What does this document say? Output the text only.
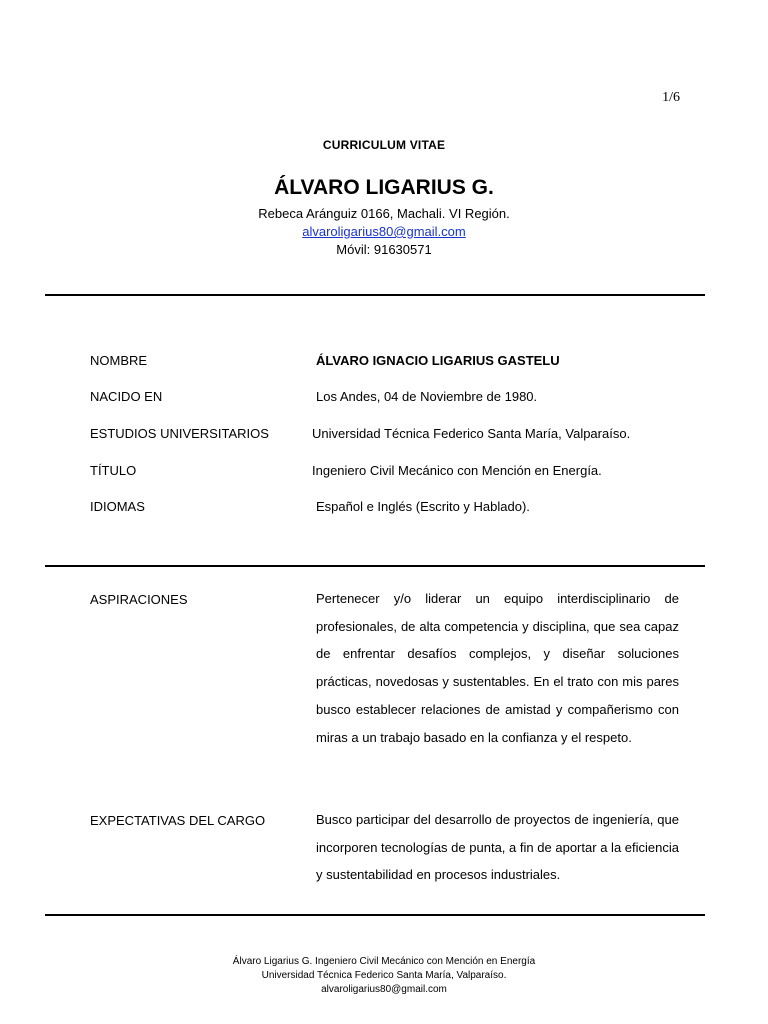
1/6
CURRICULUM VITAE
ÁLVARO LIGARIUS G.
Rebeca Aránguiz 0166, Machali. VI Región.
alvaroligarius80@gmail.com
Móvil: 91630571
NOMBRE	ÁLVARO IGNACIO LIGARIUS GASTELU
NACIDO EN	Los Andes, 04 de Noviembre de 1980.
ESTUDIOS UNIVERSITARIOS	Universidad Técnica Federico Santa María, Valparaíso.
TÍTULO	Ingeniero Civil Mecánico con Mención en Energía.
IDIOMAS	Español e Inglés (Escrito y Hablado).
ASPIRACIONES	Pertenecer y/o liderar un equipo interdisciplinario de profesionales, de alta competencia y disciplina, que sea capaz de enfrentar desafíos complejos, y diseñar soluciones prácticas, novedosas y sustentables. En el trato con mis pares busco establecer relaciones de amistad y compañerismo con miras a un trabajo basado en la confianza y el respeto.
EXPECTATIVAS DEL CARGO	Busco participar del desarrollo de proyectos de ingeniería, que incorporen tecnologías de punta, a fin de aportar a la eficiencia y sustentabilidad en procesos industriales.
Álvaro Ligarius G. Ingeniero Civil Mecánico con Mención en Energía
Universidad Técnica Federico Santa María, Valparaíso.
alvaroligarius80@gmail.com
